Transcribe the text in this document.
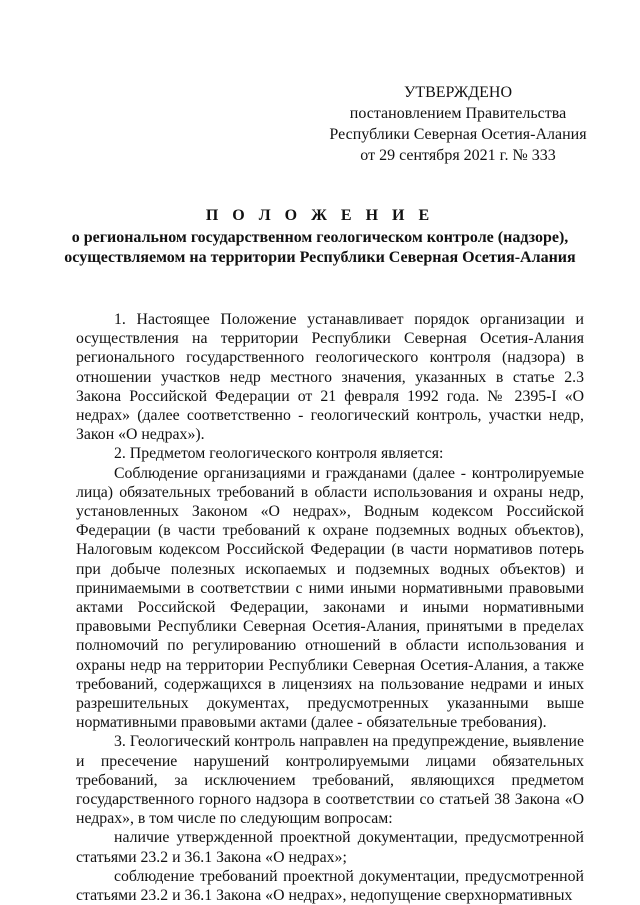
УТВЕРЖДЕНО
постановлением Правительства
Республики Северная Осетия-Алания
от 29 сентября 2021 г. № 333
П О Л О Ж Е Н И Е
о региональном государственном геологическом контроле (надзоре),
осуществляемом на территории Республики Северная Осетия-Алания

1. Настоящее Положение устанавливает порядок организации и осуществления на территории Республики Северная Осетия-Алания регионального государственного геологического контроля (надзора) в отношении участков недр местного значения, указанных в статье 2.3 Закона Российской Федерации от 21 февраля 1992 года. № 2395-I «О недрах» (далее соответственно - геологический контроль, участки недр, Закон «О недрах»).

2. Предметом геологического контроля является:

Соблюдение организациями и гражданами (далее - контролируемые лица) обязательных требований в области использования и охраны недр, установленных Законом «О недрах», Водным кодексом Российской Федерации (в части требований к охране подземных водных объектов), Налоговым кодексом Российской Федерации (в части нормативов потерь при добыче полезных ископаемых и подземных водных объектов) и принимаемыми в соответствии с ними иными нормативными правовыми актами Российской Федерации, законами и иными нормативными правовыми Республики Северная Осетия-Алания, принятыми в пределах полномочий по регулированию отношений в области использования и охраны недр на территории Республики Северная Осетия-Алания, а также требований, содержащихся в лицензиях на пользование недрами и иных разрешительных документах, предусмотренных указанными выше нормативными правовыми актами (далее - обязательные требования).

3. Геологический контроль направлен на предупреждение, выявление и пресечение нарушений контролируемыми лицами обязательных требований, за исключением требований, являющихся предметом государственного горного надзора в соответствии со статьей 38 Закона «О недрах», в том числе по следующим вопросам:

наличие утвержденной проектной документации, предусмотренной статьями 23.2 и 36.1 Закона «О недрах»;

соблюдение требований проектной документации, предусмотренной статьями 23.2 и 36.1 Закона «О недрах», недопущение сверхнормативных
